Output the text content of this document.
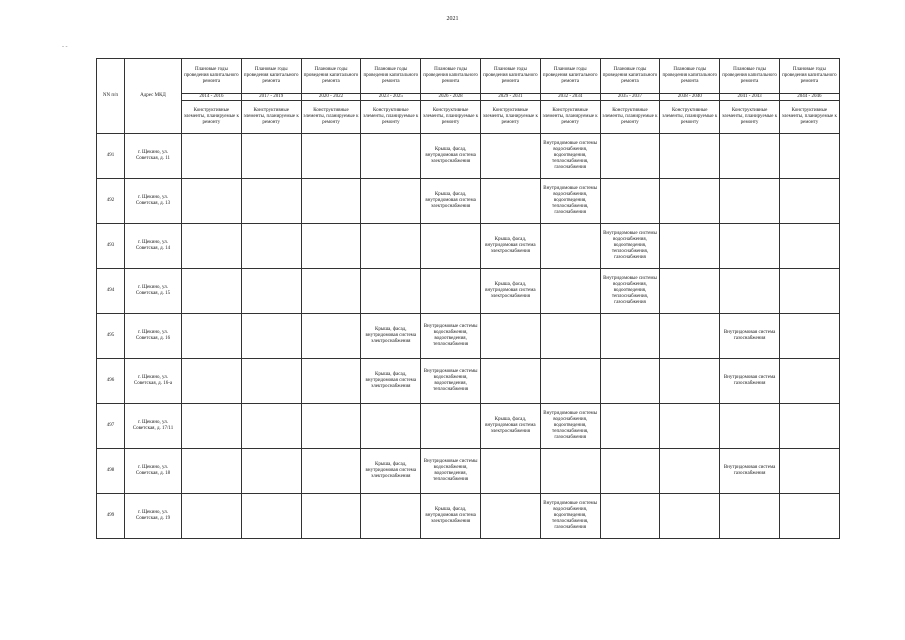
2021
- -
NN п/п	Адрес МКД	Плановые годы проведения капитального ремонта	Плановые годы проведения капитального ремонта	Плановые годы проведения капитального ремонта	Плановые годы проведения капитального ремонта	Плановые годы проведения капитального ремонта	Плановые годы проведения капитального ремонта	Плановые годы проведения капитального ремонта	Плановые годы проведения капитального ремонта	Плановые годы проведения капитального ремонта	Плановые годы проведения капитального ремонта	Плановые годы проведения капитального ремонта
		2014 - 2016	2017 - 2019	2020 - 2022	2023 - 2025	2026 - 2028	2029 - 2031	2032 - 2034	2035 - 2037	2038 - 2040	2041 - 2043	2044 - 2046
		Конструктивные элементы, планируемые к ремонту	Конструктивные элементы, планируемые к ремонту	Конструктивные элементы, планируемые к ремонту	Конструктивные элементы, планируемые к ремонту	Конструктивные элементы, планируемые к ремонту	Конструктивные элементы, планируемые к ремонту	Конструктивные элементы, планируемые к ремонту	Конструктивные элементы, планируемые к ремонту	Конструктивные элементы, планируемые к ремонту	Конструктивные элементы, планируемые к ремонту	Конструктивные элементы, планируемые к ремонту
491	г. Щекино, ул. Советская, д. 11					Крыша, фасад, внутридомовая система электроснабжения		Внутридомовые системы водоснабжения, водоотведения, теплоснабжения, газоснабжения				
492	г. Щекино, ул. Советская, д. 13					Крыша, фасад, внутридомовая система электроснабжения		Внутридомовые системы водоснабжения, водоотведения, теплоснабжения, газоснабжения				
493	г. Щекино, ул. Советская, д. 14						Крыша, фасад, внутридомовая система электроснабжения		Внутридомовые системы водоснабжения, водоотведения, теплоснабжения, газоснабжения			
494	г. Щекино, ул. Советская, д. 15						Крыша, фасад, внутридомовая система электроснабжения		Внутридомовые системы водоснабжения, водоотведения, теплоснабжения, газоснабжения			
495	г. Щекино, ул. Советская, д. 16				Крыша, фасад, внутридомовая система электроснабжения	Внутридомовые системы водоснабжения, водоотведения, теплоснабжения					Внутридомовая система газоснабжения	
496	г. Щекино, ул. Советская, д. 16-а				Крыша, фасад, внутридомовая система электроснабжения	Внутридомовые системы водоснабжения, водоотведения, теплоснабжения					Внутридомовая система газоснабжения	
497	г. Щекино, ул. Советская, д. 17/11						Крыша, фасад, внутридомовая система электроснабжения	Внутридомовые системы водоснабжения, водоотведения, теплоснабжения, газоснабжения				
498	г. Щекино, ул. Советская, д. 18				Крыша, фасад, внутридомовая система электроснабжения	Внутридомовые системы водоснабжения, водоотведения, теплоснабжения					Внутридомовая система газоснабжения	
499	г. Щекино, ул. Советская, д. 19					Крыша, фасад, внутридомовая система электроснабжения		Внутридомовые системы водоснабжения, водоотведения, теплоснабжения, газоснабжения				
